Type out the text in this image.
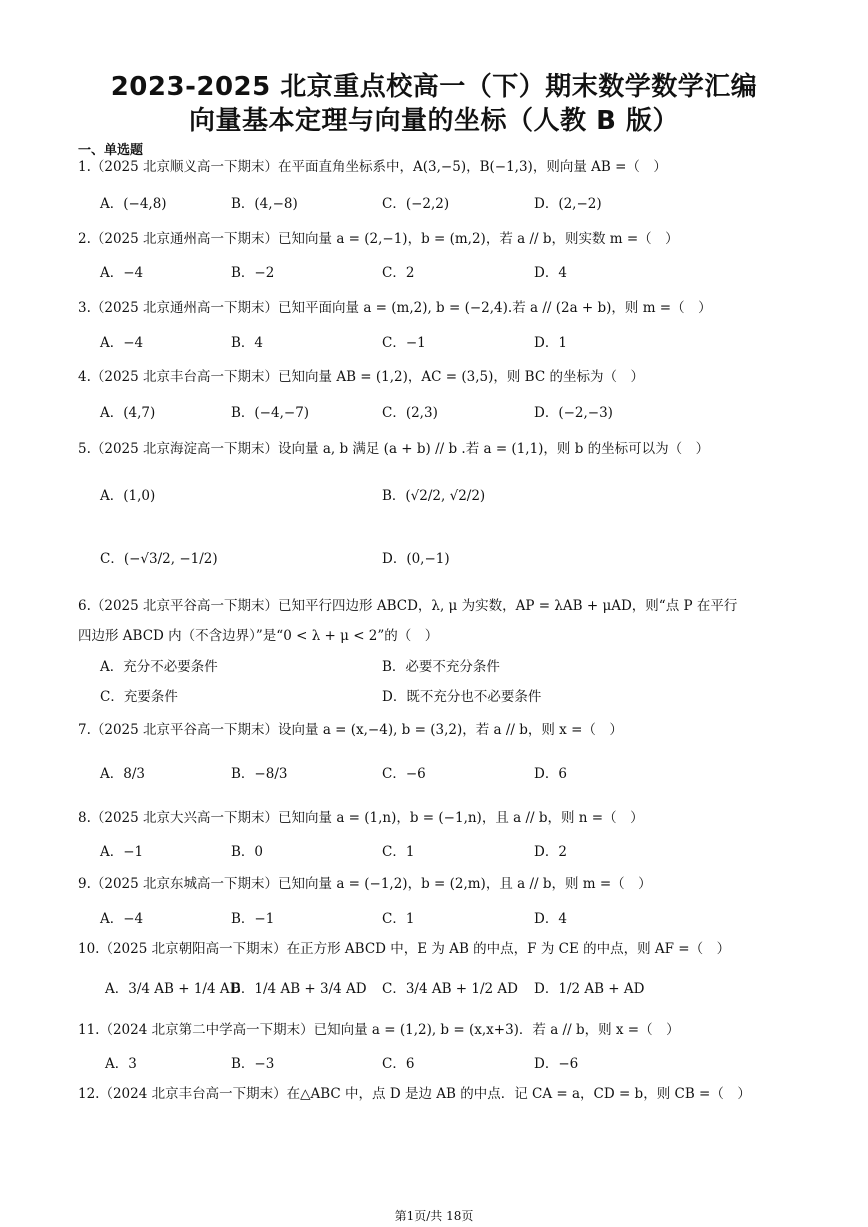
2023-2025 北京重点校高一（下）期末数学数学汇编
向量基本定理与向量的坐标（人教 B 版）
一、单选题
1.（2025 北京顺义高一下期末）在平面直角坐标系中，A(3,−5)，B(−1,3)，则向量 AB =（　）
A．(−4,8)	B．(4,−8)	C．(−2,2)	D．(2,−2)
2.（2025 北京通州高一下期末）已知向量 a = (2,−1)，b = (m,2)，若 a // b，则实数 m =（　）
A．−4	B．−2	C．2	D．4
3.（2025 北京通州高一下期末）已知平面向量 a = (m,2), b = (−2,4).若 a // (2a + b)，则 m =（　）
A．−4	B．4	C．−1	D．1
4.（2025 北京丰台高一下期末）已知向量 AB = (1,2)，AC = (3,5)，则 BC 的坐标为（　）
A．(4,7)	B．(−4,−7)	C．(2,3)	D．(−2,−3)
5.（2025 北京海淀高一下期末）设向量 a, b 满足 (a + b) // b .若 a = (1,1)，则 b 的坐标可以为（　）
A．(1,0)	B．(√2/2, √2/2)
C．(−√3/2, −1/2)	D．(0,−1)
6.（2025 北京平谷高一下期末）已知平行四边形 ABCD，λ, μ 为实数，AP = λAB + μAD，则“点 P 在平行
四边形 ABCD 内（不含边界）”是“0 < λ + μ < 2”的（　）
A．充分不必要条件	B．必要不充分条件
C．充要条件	D．既不充分也不必要条件
7.（2025 北京平谷高一下期末）设向量 a = (x,−4), b = (3,2)，若 a // b，则 x =（　）
A．8/3	B．−8/3	C．−6	D．6
8.（2025 北京大兴高一下期末）已知向量 a = (1,n)，b = (−1,n)，且 a // b，则 n =（　）
A．−1	B．0	C．1	D．2
9.（2025 北京东城高一下期末）已知向量 a = (−1,2)，b = (2,m)，且 a // b，则 m =（　）
A．−4	B．−1	C．1	D．4
10.（2025 北京朝阳高一下期末）在正方形 ABCD 中，E 为 AB 的中点，F 为 CE 的中点，则 AF =（　）
A．3/4 AB + 1/4 AD
B．1/4 AB + 3/4 AD C．3/4 AB + 1/2 AD D．1/2 AB + AD
11.（2024 北京第二中学高一下期末）已知向量 a = (1,2), b = (x,x+3)．若 a // b，则 x =（　）
A．3	B．−3	C．6	D．−6
12.（2024 北京丰台高一下期末）在△ABC 中，点 D 是边 AB 的中点．记 CA = a，CD = b，则 CB =（　）
第1页/共 18页
